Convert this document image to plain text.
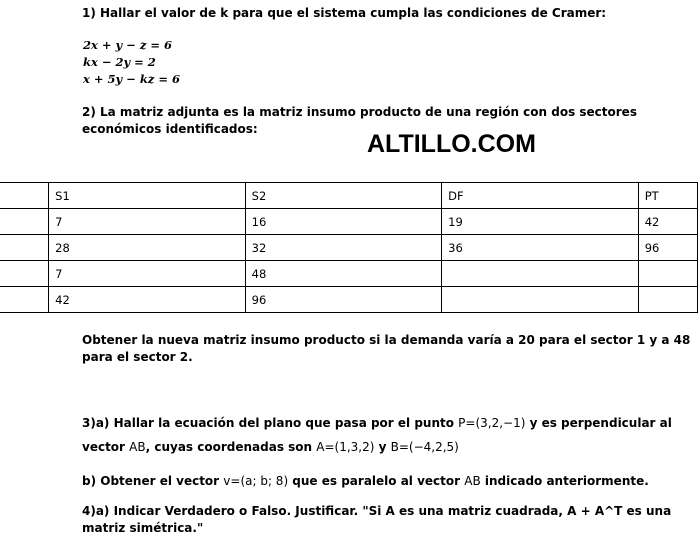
1) Hallar el valor de k para que el sistema cumpla las condiciones de Cramer:
2x + y − z = 6
kx − 2y = 2
x + 5y − kz = 6
2) La matriz adjunta es la matriz insumo producto de una región con dos sectores
económicos identificados:
ALTILLO.COM
	S1	S2	DF	PT
	7	16	19	42
	28	32	36	96
	7	48		
	42	96		
Obtener la nueva matriz insumo producto si la demanda varía a 20 para el sector 1 y a 48
para el sector 2.
3)a) Hallar la ecuación del plano que pasa por el punto P=(3,2,−1) y es perpendicular al
vector AB, cuyas coordenadas son A=(1,3,2) y B=(−4,2,5)
b) Obtener el vector v=(a; b; 8) que es paralelo al vector AB indicado anteriormente.
4)a) Indicar Verdadero o Falso. Justificar. "Si A es una matriz cuadrada, A + A^T es una
matriz simétrica."
